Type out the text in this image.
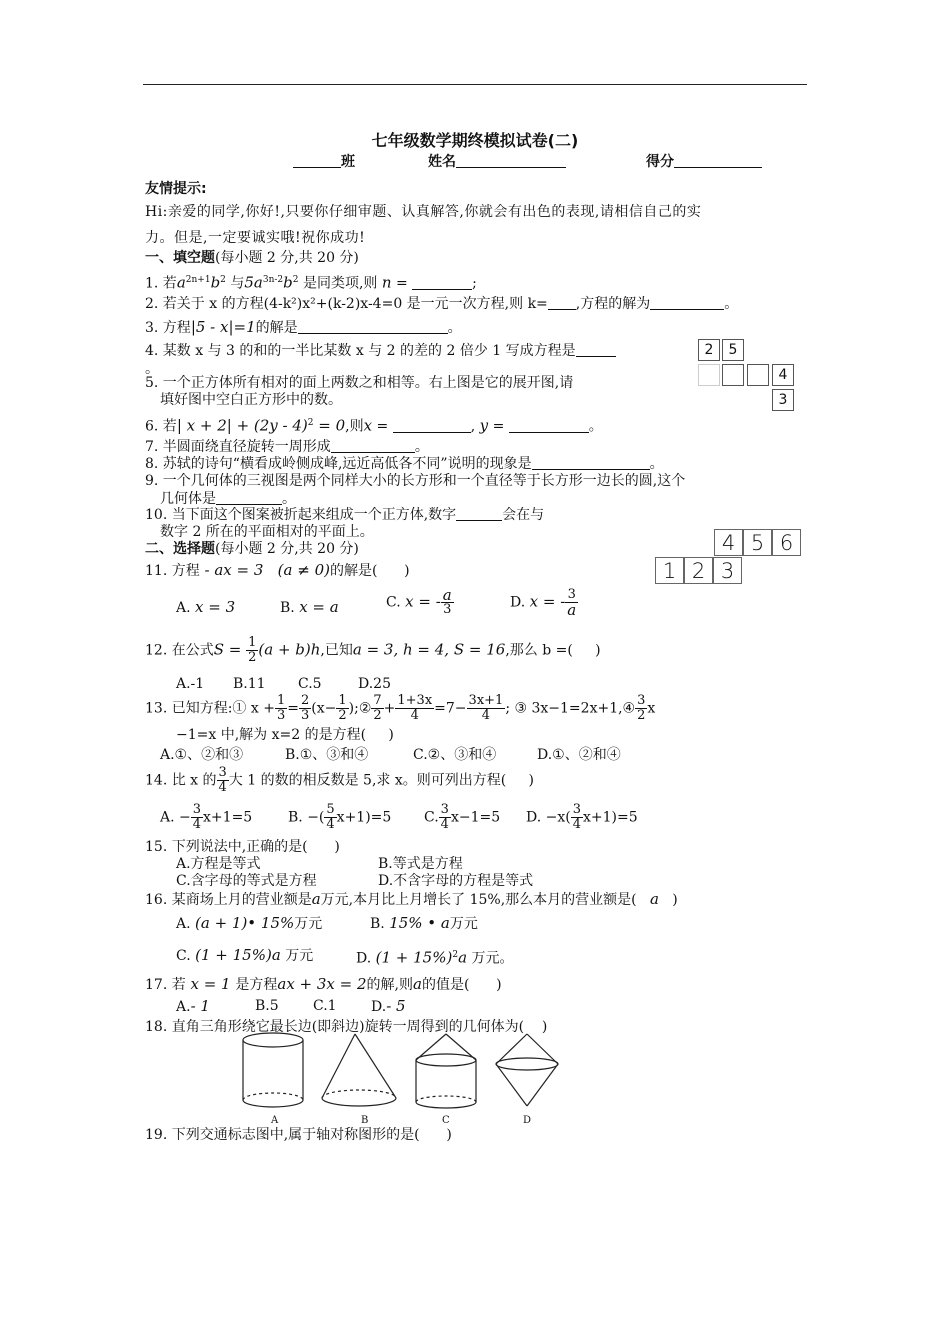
七年级数学期终模拟试卷(二)
班	姓名	得分
友情提示:
Hi:亲爱的同学,你好!,只要你仔细审题、认真解答,你就会有出色的表现,请相信自己的实
力。但是,一定要诚实哦!祝你成功!
一、填空题(每小题 2 分,共 20 分)
1. 若$a^{2n+1}b^2$ 与$5a^{3n-2}b^2$ 是同类项,则 n =	;
2. 若关于 x 的方程(4-k²)x²+(k-2)x-4=0 是一元一次方程,则 k= ,方程的解为	。
3. 方程|5 - x|=1的解是	。
4. 某数 x 与 3 的和的一半比某数 x 与 2 的差的 2 倍少 1 写成方程是
。
2	5
4
3
5. 一个正方体所有相对的面上两数之和相等。右上图是它的展开图,请
填好图中空白正方形中的数。
6. 若| x + 2| + (2y - 4)$^2$ = 0,则x =	, y =	。
7. 半圆面绕直径旋转一周形成	。
8. 苏轼的诗句“横看成岭侧成峰,远近高低各不同”说明的现象是	。
9. 一个几何体的三视图是两个同样大小的长方形和一个直径等于长方形一边长的圆,这个
几何体是	。
10. 当下面这个图案被折起来组成一个正方体,数字	会在与
数字 2 所在的平面相对的平面上。	4 5 6
1 2 3
二、选择题(每小题 2 分,共 20 分)
11. 方程 - ax = 3   (a ≠ 0)的解是( )
A. x = 3	B. x = a	C. x = - $\frac{a}{3}$	D. x = - $\frac{3}{a}$
12. 在公式$S = \frac{1}{2} (a + b)h$,已知a = 3, h = 4, S = 16,那么 b =( )
A.-1 B.11 C.5	D.25
13. 已知方程:① $x + \frac{1}{3} = \frac{2}{3} (x- \frac{1}{2}$ );② $\frac{7}{2} + \frac{1+3x}{4} =7- \frac{3x+1}{4}$ ; ③ 3x−1=2x+1,④ $\frac{3}{2}$ x
−1=x 中,解为 x=2 的是方程( )
A.①、②和③	B.①、③和④	C.②、③和④	D.①、②和④
14. 比 x 的 $\frac{3}{4}$ 大 1 的数的相反数是 5,求 x。则可列出方程( )
A. − $\frac{3}{4} x+1=5$	B. −( $\frac{5}{4} x+1)=5$ C. $\frac{3}{4} x-1=5$ D. $-x( \frac{3}{4} x+1)=5$
15. 下列说法中,正确的是( )
A.方程是等式	B.等式是方程
C.含字母的等式是方程	D.不含字母的方程是等式
16. 某商场上月的营业额是a万元,本月比上月增长了 15%,那么本月的营业额是( a )
A. (a + 1)• 15%万元	B. 15% • a万元
C. (1 + 15%)a 万元	D. $(1 + 15\%)^2a$ 万元。
17. 若 x = 1 是方程ax + 3x = 2的解,则a的值是( )
A.- 1	B.5 C.1 D.- 5
18. 直角三角形绕它最长边(即斜边)旋转一周得到的几何体为( )
A	B	C	D
19. 下列交通标志图中,属于轴对称图形的是( )
